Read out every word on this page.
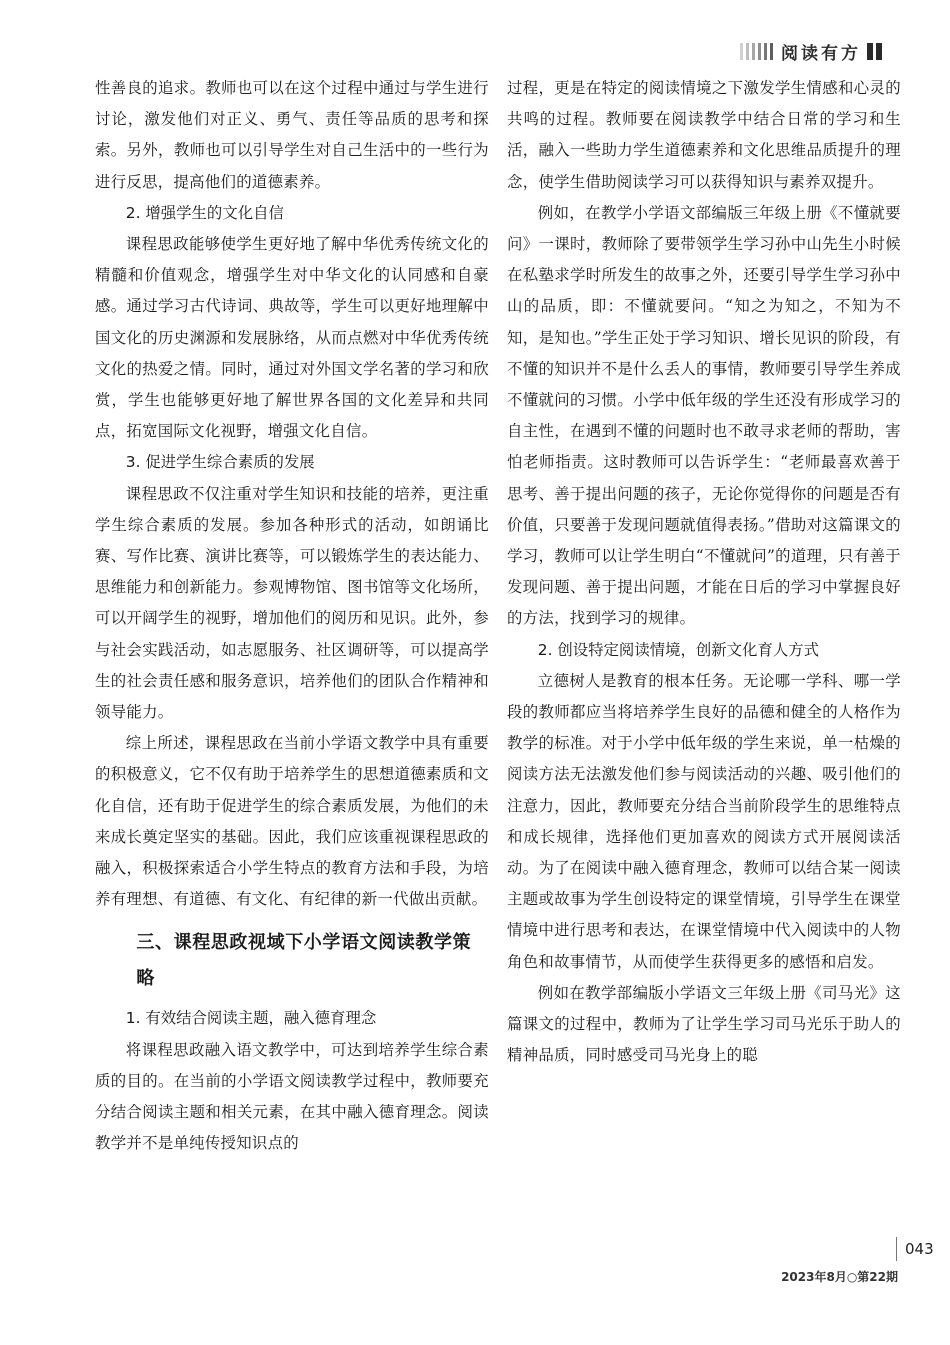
阅读有方

性善良的追求。教师也可以在这个过程中通过与学生进行讨论，激发他们对正义、勇气、责任等品质的思考和探索。另外，教师也可以引导学生对自己生活中的一些行为进行反思，提高他们的道德素养。

2. 增强学生的文化自信

课程思政能够使学生更好地了解中华优秀传统文化的精髓和价值观念，增强学生对中华文化的认同感和自豪感。通过学习古代诗词、典故等，学生可以更好地理解中国文化的历史渊源和发展脉络，从而点燃对中华优秀传统文化的热爱之情。同时，通过对外国文学名著的学习和欣赏，学生也能够更好地了解世界各国的文化差异和共同点，拓宽国际文化视野，增强文化自信。

3. 促进学生综合素质的发展

课程思政不仅注重对学生知识和技能的培养，更注重学生综合素质的发展。参加各种形式的活动，如朗诵比赛、写作比赛、演讲比赛等，可以锻炼学生的表达能力、思维能力和创新能力。参观博物馆、图书馆等文化场所，可以开阔学生的视野，增加他们的阅历和见识。此外，参与社会实践活动，如志愿服务、社区调研等，可以提高学生的社会责任感和服务意识，培养他们的团队合作精神和领导能力。

综上所述，课程思政在当前小学语文教学中具有重要的积极意义，它不仅有助于培养学生的思想道德素质和文化自信，还有助于促进学生的综合素质发展，为他们的未来成长奠定坚实的基础。因此，我们应该重视课程思政的融入，积极探索适合小学生特点的教育方法和手段，为培养有理想、有道德、有文化、有纪律的新一代做出贡献。

三、课程思政视域下小学语文阅读教学策略
1. 有效结合阅读主题，融入德育理念

将课程思政融入语文教学中，可达到培养学生综合素质的目的。在当前的小学语文阅读教学过程中，教师要充分结合阅读主题和相关元素，在其中融入德育理念。阅读教学并不是单纯传授知识点的

过程，更是在特定的阅读情境之下激发学生情感和心灵的共鸣的过程。教师要在阅读教学中结合日常的学习和生活，融入一些助力学生道德素养和文化思维品质提升的理念，使学生借助阅读学习可以获得知识与素养双提升。

例如，在教学小学语文部编版三年级上册《不懂就要问》一课时，教师除了要带领学生学习孙中山先生小时候在私塾求学时所发生的故事之外，还要引导学生学习孙中山的品质，即：不懂就要问。“知之为知之，不知为不知，是知也。”学生正处于学习知识、增长见识的阶段，有不懂的知识并不是什么丢人的事情，教师要引导学生养成不懂就问的习惯。小学中低年级的学生还没有形成学习的自主性，在遇到不懂的问题时也不敢寻求老师的帮助，害怕老师指责。这时教师可以告诉学生：“老师最喜欢善于思考、善于提出问题的孩子，无论你觉得你的问题是否有价值，只要善于发现问题就值得表扬。”借助对这篇课文的学习，教师可以让学生明白“不懂就问”的道理，只有善于发现问题、善于提出问题，才能在日后的学习中掌握良好的方法，找到学习的规律。

2. 创设特定阅读情境，创新文化育人方式

立德树人是教育的根本任务。无论哪一学科、哪一学段的教师都应当将培养学生良好的品德和健全的人格作为教学的标准。对于小学中低年级的学生来说，单一枯燥的阅读方法无法激发他们参与阅读活动的兴趣、吸引他们的注意力，因此，教师要充分结合当前阶段学生的思维特点和成长规律，选择他们更加喜欢的阅读方式开展阅读活动。为了在阅读中融入德育理念，教师可以结合某一阅读主题或故事为学生创设特定的课堂情境，引导学生在课堂情境中进行思考和表达，在课堂情境中代入阅读中的人物角色和故事情节，从而使学生获得更多的感悟和启发。

例如在教学部编版小学语文三年级上册《司马光》这篇课文的过程中，教师为了让学生学习司马光乐于助人的精神品质，同时感受司马光身上的聪

043
2023年8月○第22期
